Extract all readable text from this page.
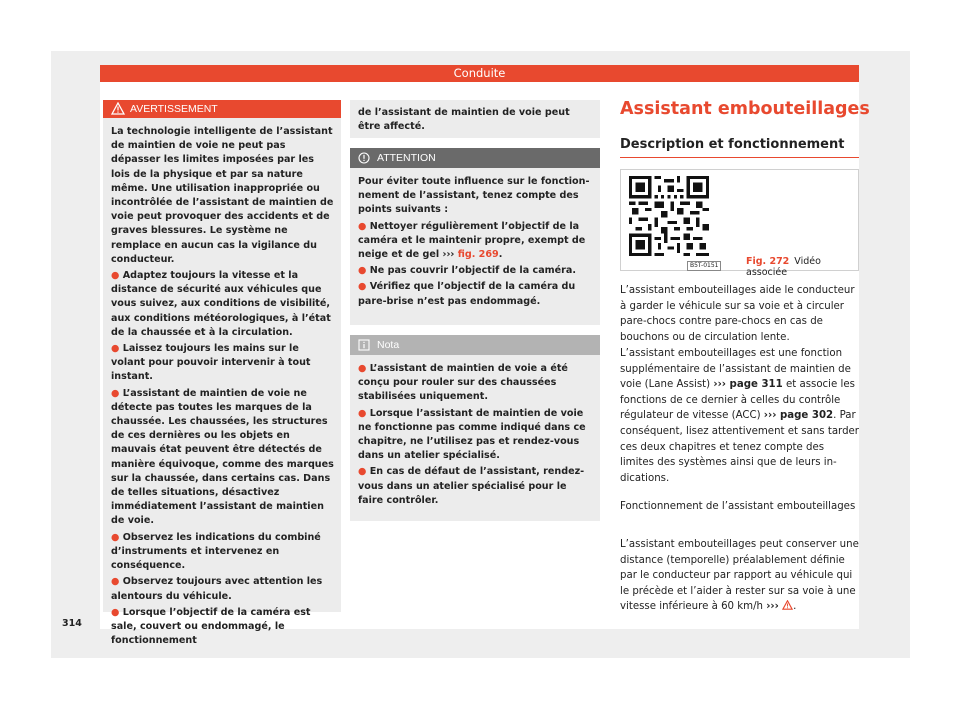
Conduite
AVERTISSEMENT

La technologie intelligente de l’assistant de maintien de voie ne peut pas dépasser les limites imposées par les lois de la physique et par sa nature même. Une utilisation inappropriée ou incontrôlée de l’assistant de maintien de voie peut provoquer des accidents et de graves blessures. Le système ne remplace en aucun cas la vigilance du conducteur.

● Adaptez toujours la vitesse et la distance de sécurité aux véhicules que vous suivez, aux conditions de visibilité, aux conditions météorologiques, à l’état de la chaussée et à la circulation.

● Laissez toujours les mains sur le volant pour pouvoir intervenir à tout instant.

● L’assistant de maintien de voie ne détecte pas toutes les marques de la chaussée. Les chaussées, les structures de ces dernières ou les objets en mauvais état peuvent être détectés de manière équivoque, comme des marques sur la chaussée, dans certains cas. Dans de telles situations, désactivez immédiatement l’assistant de maintien de voie.

● Observez les indications du combiné d’instruments et intervenez en conséquence.

● Observez toujours avec attention les alentours du véhicule.

● Lorsque l’objectif de la caméra est sale, couvert ou endommagé, le fonctionnement

de l’assistant de maintien de voie peut être affecté.
ATTENTION

Pour éviter toute influence sur le fonctionnement de l’assistant, tenez compte des points suivants :

● Nettoyer régulièrement l’objectif de la caméra et le maintenir propre, exempt de neige et de gel ››› fig. 269.

● Ne pas couvrir l’objectif de la caméra.

● Vérifiez que l’objectif de la caméra du pare-brise n’est pas endommagé.

Nota

● L’assistant de maintien de voie a été conçu pour rouler sur des chaussées stabilisées uniquement.

● Lorsque l’assistant de maintien de voie ne fonctionne pas comme indiqué dans ce chapitre, ne l’utilisez pas et rendez-vous dans un atelier spécialisé.

● En cas de défaut de l’assistant, rendez-vous dans un atelier spécialisé pour le faire contrôler.

Assistant embouteillages
Description et fonctionnement
B5T-0151	Fig. 272 Vidéo associée
L’assistant embouteillages aide le conducteur à garder le véhicule sur sa voie et à circuler pare-chocs contre pare-chocs en cas de bouchons ou de circulation lente.
L’assistant embouteillages est une fonction supplémentaire de l’assistant de maintien de voie (Lane Assist) ››› page 311 et associe les fonctions de ce dernier à celles du contrôle régulateur de vitesse (ACC) ››› page 302. Par conséquent, lisez attentivement et sans tarder ces deux chapitres et tenez compte des limites des systèmes ainsi que de leurs indications.
Fonctionnement de l’assistant embouteillages
L’assistant embouteillages peut conserver une distance (temporelle) préalablement définie par le conducteur par rapport au véhicule qui le précède et l’aider à rester sur sa voie à une vitesse inférieure à 60 km/h ››› .
314
